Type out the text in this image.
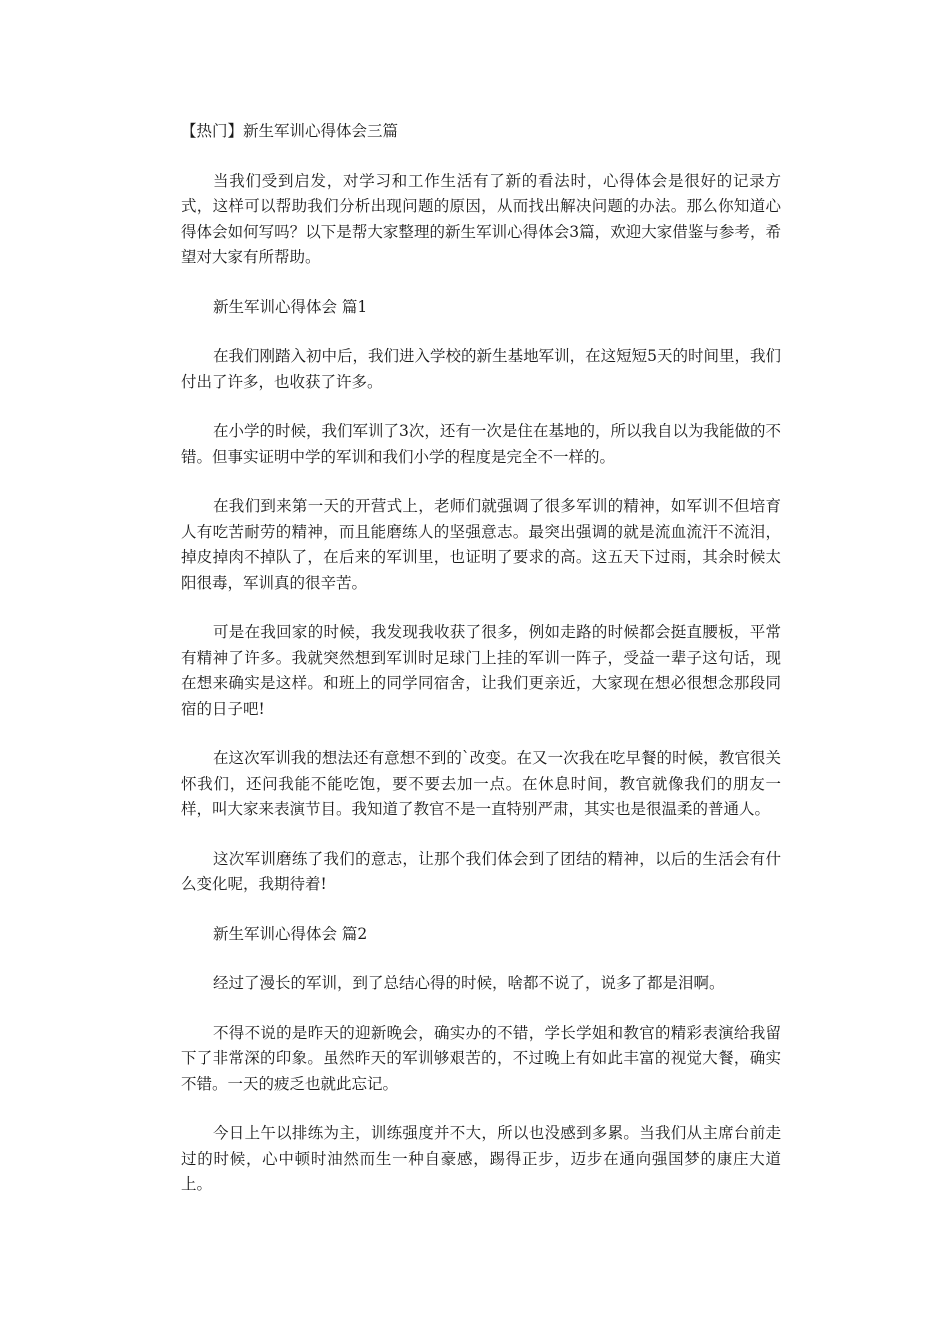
【热门】新生军训心得体会三篇

当我们受到启发，对学习和工作生活有了新的看法时，心得体会是很好的记录方式，这样可以帮助我们分析出现问题的原因，从而找出解决问题的办法。那么你知道心得体会如何写吗？以下是帮大家整理的新生军训心得体会3篇，欢迎大家借鉴与参考，希望对大家有所帮助。

新生军训心得体会 篇1

在我们刚踏入初中后，我们进入学校的新生基地军训，在这短短5天的时间里，我们付出了许多，也收获了许多。

在小学的时候，我们军训了3次，还有一次是住在基地的，所以我自以为我能做的不错。但事实证明中学的军训和我们小学的程度是完全不一样的。

在我们到来第一天的开营式上，老师们就强调了很多军训的精神，如军训不但培育人有吃苦耐劳的精神，而且能磨练人的坚强意志。最突出强调的就是流血流汗不流泪，掉皮掉肉不掉队了，在后来的军训里，也证明了要求的高。这五天下过雨，其余时候太阳很毒，军训真的很辛苦。

可是在我回家的时候，我发现我收获了很多，例如走路的时候都会挺直腰板，平常有精神了许多。我就突然想到军训时足球门上挂的军训一阵子，受益一辈子这句话，现在想来确实是这样。和班上的同学同宿舍，让我们更亲近，大家现在想必很想念那段同宿的日子吧!

在这次军训我的想法还有意想不到的`改变。在又一次我在吃早餐的时候，教官很关怀我们，还问我能不能吃饱，要不要去加一点。在休息时间，教官就像我们的朋友一样，叫大家来表演节目。我知道了教官不是一直特别严肃，其实也是很温柔的普通人。

这次军训磨练了我们的意志，让那个我们体会到了团结的精神，以后的生活会有什么变化呢，我期待着!

新生军训心得体会 篇2

经过了漫长的军训，到了总结心得的时候，啥都不说了，说多了都是泪啊。

不得不说的是昨天的迎新晚会，确实办的不错，学长学姐和教官的精彩表演给我留下了非常深的印象。虽然昨天的军训够艰苦的，不过晚上有如此丰富的视觉大餐，确实不错。一天的疲乏也就此忘记。

今日上午以排练为主，训练强度并不大，所以也没感到多累。当我们从主席台前走过的时候，心中顿时油然而生一种自豪感，踢得正步，迈步在通向强国梦的康庄大道上。
